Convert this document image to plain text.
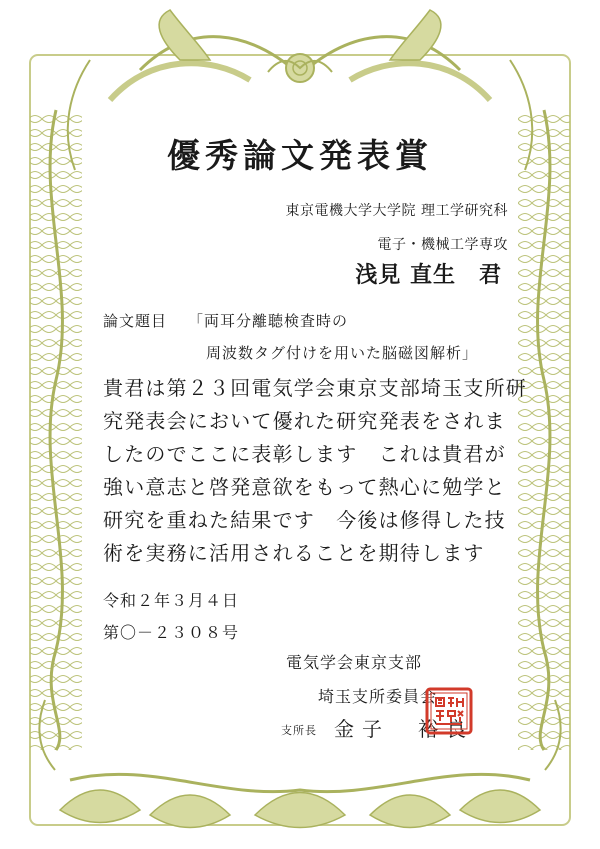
優秀論文発表賞
東京電機大学大学院 理工学研究科
電子・機械工学専攻
浅見 直生　君
論文題目 「両耳分離聴検査時の
周波数タグ付けを用いた脳磁図解析」
貴君は第２３回電気学会東京支部埼玉支所研
究発表会において優れた研究発表をされま
したのでここに表彰します　これは貴君が
強い意志と啓発意欲をもって熱心に勉学と
研究を重ねた結果です　今後は修得した技
術を実務に活用されることを期待します
令和２年３月４日
第〇－２３０８号
電気学会東京支部
埼玉支所委員会
支所長 金子　裕良
